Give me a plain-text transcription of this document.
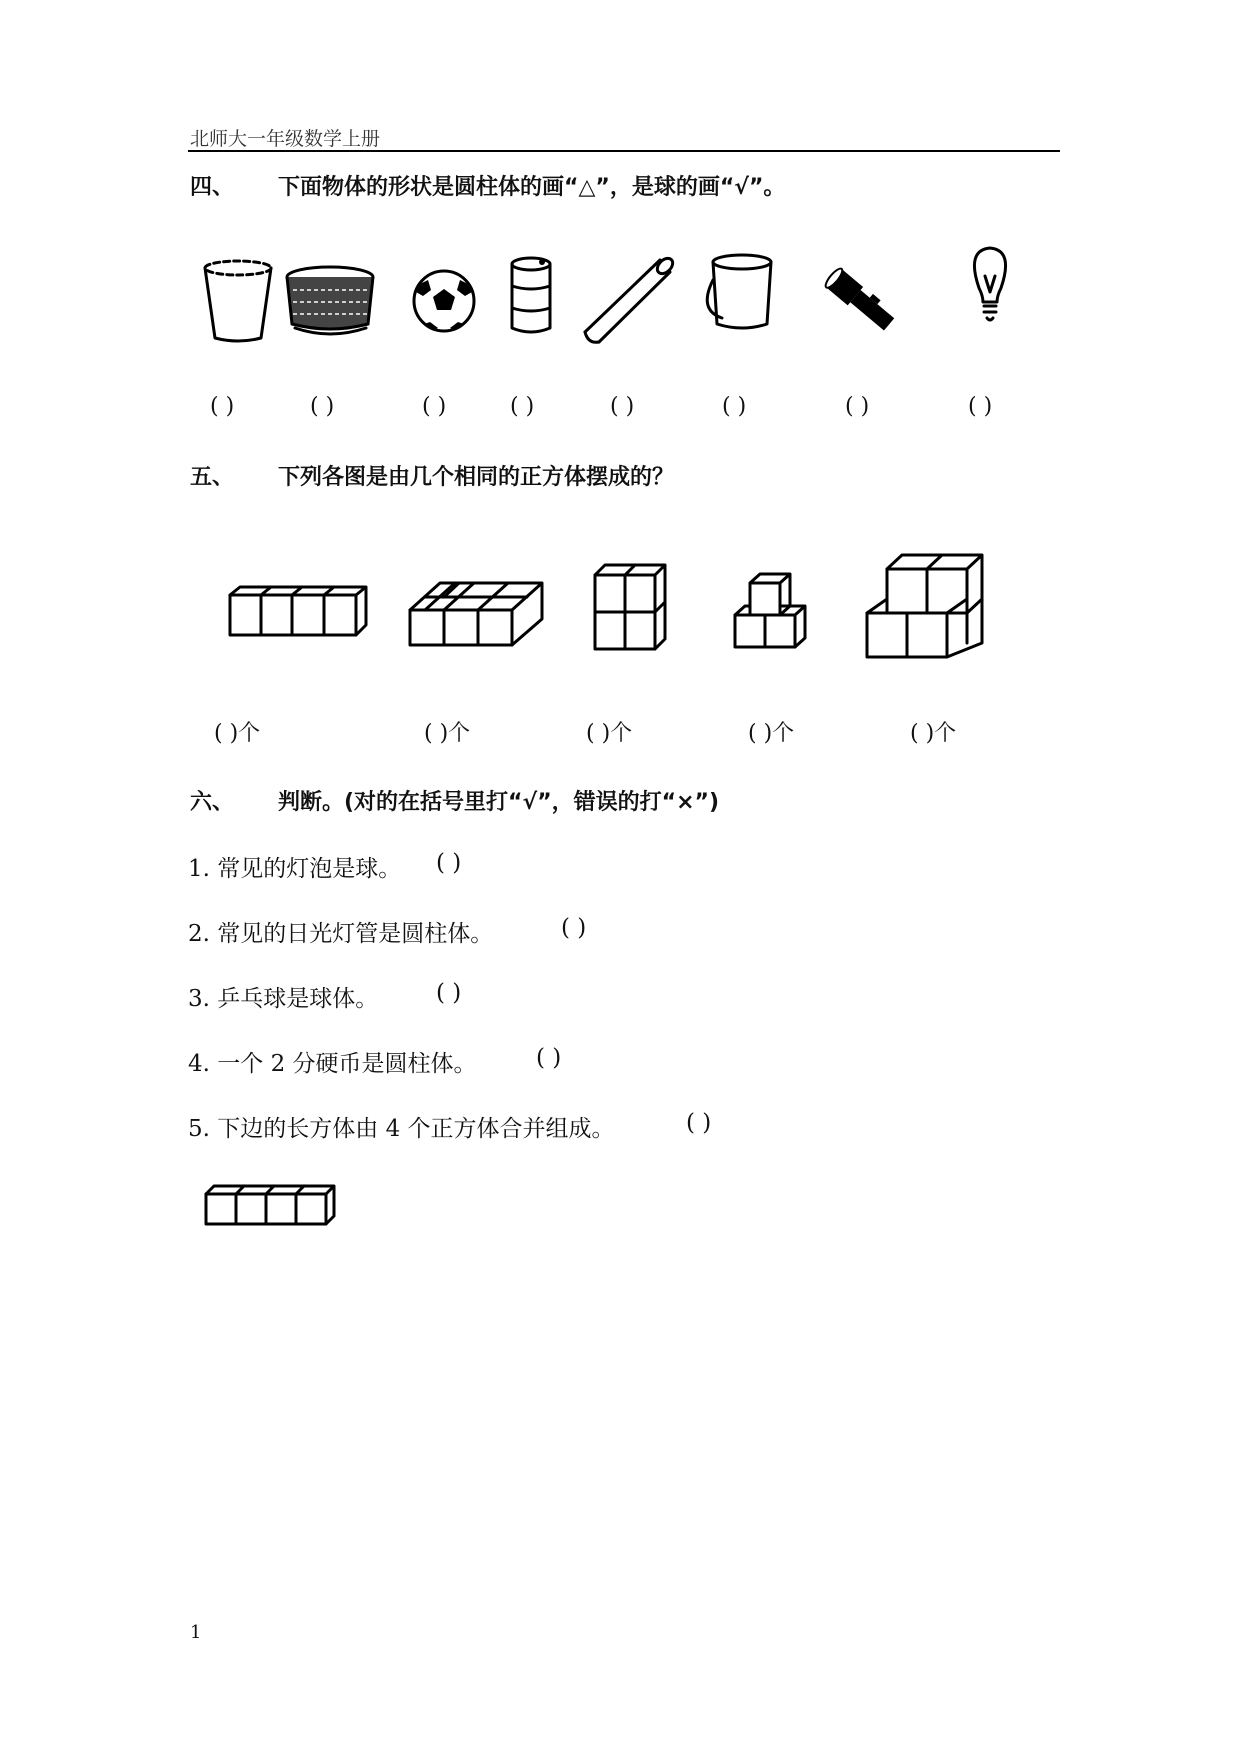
北师大一年级数学上册
四、 下面物体的形状是圆柱体的画“△”，是球的画“√”。
( )	( )	( )	( )	( )	( )	( )	( )
五、 下列各图是由几个相同的正方体摆成的？
( )个	( )个	( )个	( )个	( )个
六、 判断。(对的在括号里打“√”，错误的打“×”)
1. 常见的灯泡是球。 ( )
2. 常见的日光灯管是圆柱体。	( )
3. 乒乓球是球体。	( )
4. 一个 2 分硬币是圆柱体。	( )
5. 下边的长方体由 4 个正方体合并组成。	( )
1
